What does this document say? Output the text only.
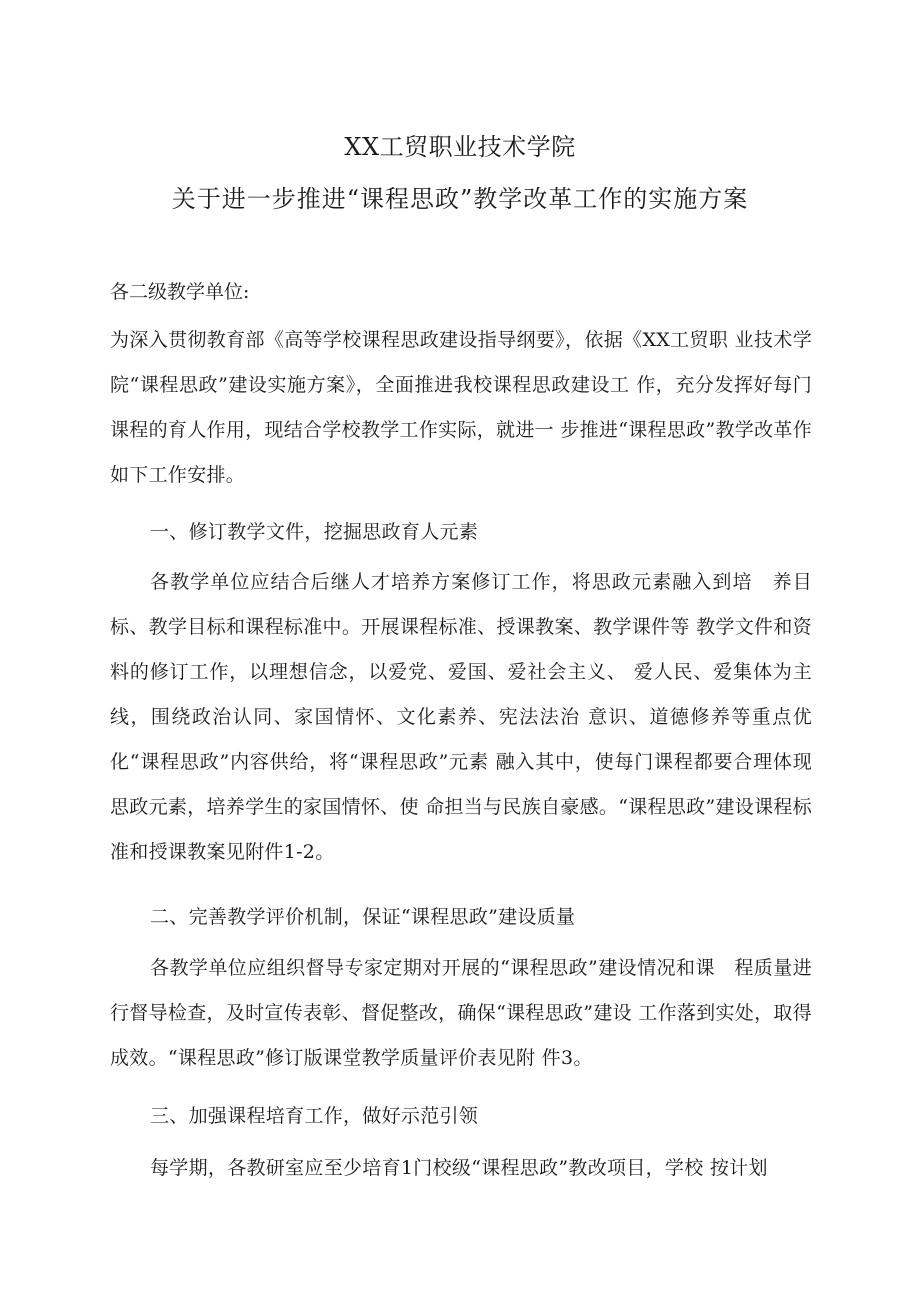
XX工贸职业技术学院
关于进一步推进“课程思政”教学改革工作的实施方案
各二级教学单位:
为深入贯彻教育部《高等学校课程思政建设指导纲要》，依据《XX工贸职 业技术学院“课程思政”建设实施方案》，全面推进我校课程思政建设工 作，充分发挥好每门课程的育人作用，现结合学校教学工作实际，就进一 步推进“课程思政”教学改革作如下工作安排。
一、修订教学文件，挖掘思政育人元素
各教学单位应结合后继人才培养方案修订工作，将思政元素融入到培　养目标、教学目标和课程标准中。开展课程标准、授课教案、教学课件等 教学文件和资料的修订工作，以理想信念，以爱党、爱国、爱社会主义、 爱人民、爱集体为主线，围绕政治认同、家国情怀、文化素养、宪法法治 意识、道德修养等重点优化“课程思政”内容供给，将“课程思政”元素 融入其中，使每门课程都要合理体现思政元素，培养学生的家国情怀、使 命担当与民族自豪感。“课程思政”建设课程标准和授课教案见附件1-2。
二、完善教学评价机制，保证“课程思政”建设质量
各教学单位应组织督导专家定期对开展的“课程思政”建设情况和课　程质量进行督导检查，及时宣传表彰、督促整改，确保“课程思政”建设 工作落到实处，取得成效。“课程思政”修订版课堂教学质量评价表见附 件3。
三、加强课程培育工作，做好示范引领
每学期，各教研室应至少培育1门校级“课程思政”教改项目，学校 按计划
